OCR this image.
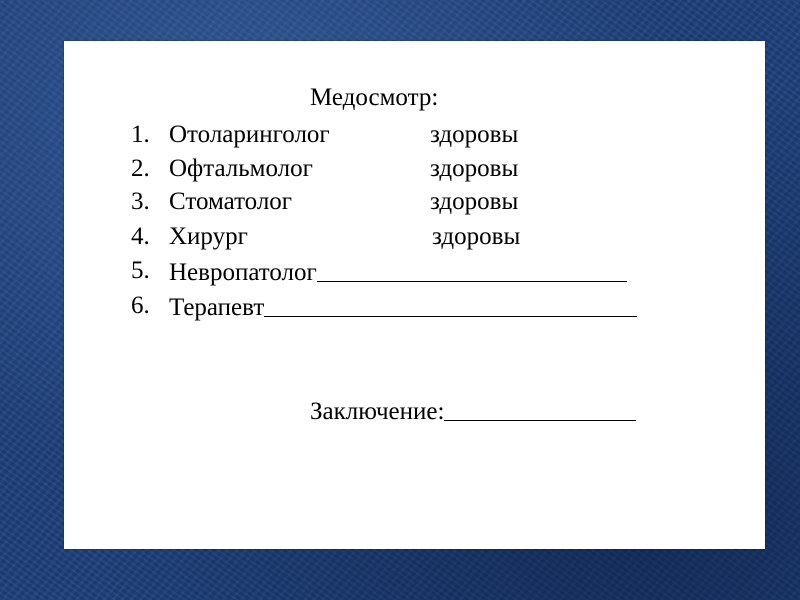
Медосмотр:
1. Отоларинголог	здоровы
2. Офтальмолог	здоровы
3. Стоматолог	здоровы
4. Хирург	здоровы
5. Невропатолог
6. Терапевт
Заключение:
